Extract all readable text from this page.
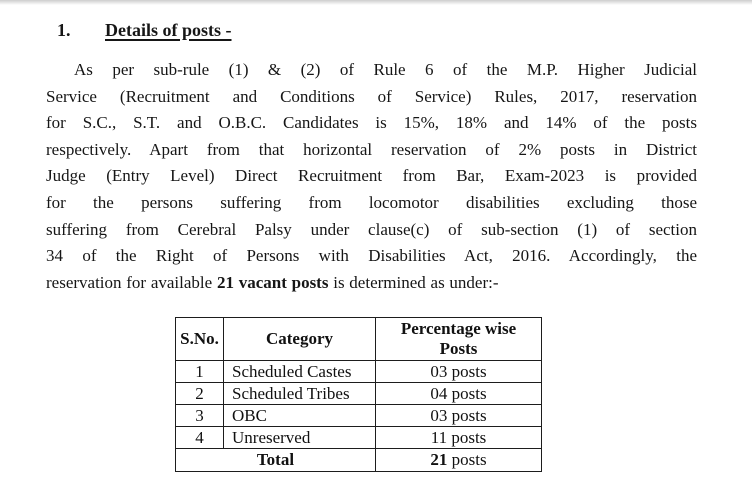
1. Details of posts -
As per sub-rule (1) & (2) of Rule 6 of the M.P. Higher Judicial
Service (Recruitment and Conditions of Service) Rules, 2017, reservation
for S.C., S.T. and O.B.C. Candidates is 15%, 18% and 14% of the posts
respectively. Apart from that horizontal reservation of 2% posts in District
Judge (Entry Level) Direct Recruitment from Bar, Exam-2023 is provided
for the persons suffering from locomotor disabilities excluding those
suffering from Cerebral Palsy under clause(c) of sub-section (1) of section
34 of the Right of Persons with Disabilities Act, 2016. Accordingly, the
reservation for available 21 vacant posts is determined as under:-
S.No.	Category	Percentage wise Posts
1	Scheduled Castes	03 posts
2	Scheduled Tribes	04 posts
3	OBC	03 posts
4	Unreserved	11 posts
Total		21 posts
